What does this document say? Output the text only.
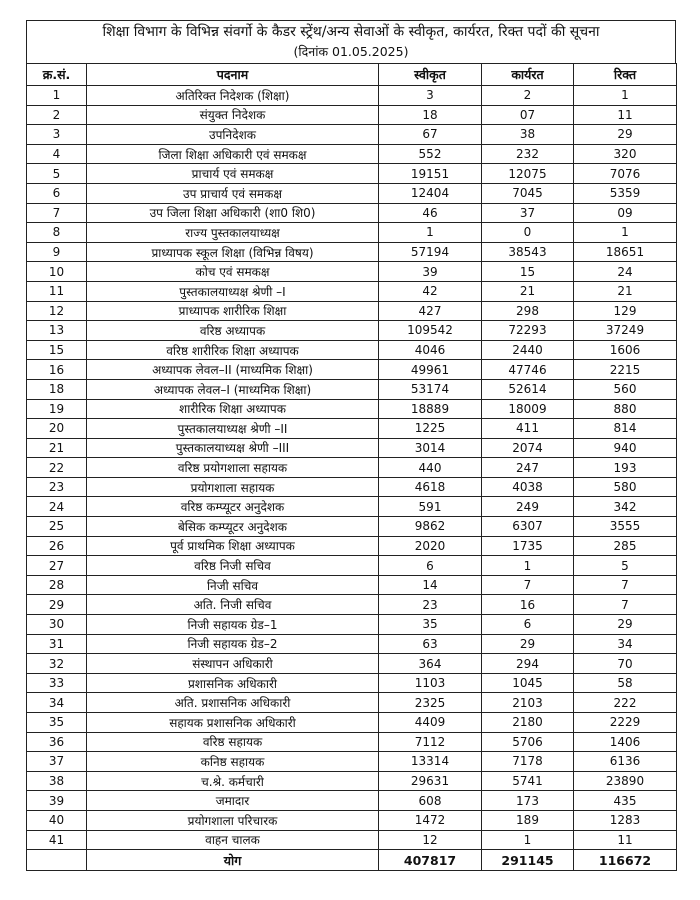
शिक्षा विभाग के विभिन्न संवर्गो के कैडर स्ट्रेंथ/अन्य सेवाओं के स्वीकृत, कार्यरत, रिक्त पदों की सूचना
(दिनांक 01.05.2025)
क्र.सं.	पदनाम	स्वीकृत	कार्यरत	रिक्त
1	अतिरिक्त निदेशक (शिक्षा)	3	2	1
2	संयुक्त निदेशक	18	07	11
3	उपनिदेशक	67	38	29
4	जिला शिक्षा अधिकारी एवं समकक्ष	552	232	320
5	प्राचार्य एवं समकक्ष	19151	12075	7076
6	उप प्राचार्य एवं समकक्ष	12404	7045	5359
7	उप जिला शिक्षा अधिकारी (शा0 शि0)	46	37	09
8	राज्य पुस्तकालयाध्यक्ष	1	0	1
9	प्राध्यापक स्कूल शिक्षा (विभिन्न विषय)	57194	38543	18651
10	कोच एवं समकक्ष	39	15	24
11	पुस्तकालयाध्यक्ष श्रेणी –I	42	21	21
12	प्राध्यापक शारीरिक शिक्षा	427	298	129
13	वरिष्ठ अध्यापक	109542	72293	37249
15	वरिष्ठ शारीरिक शिक्षा अध्यापक	4046	2440	1606
16	अध्यापक लेवल–II (माध्यमिक शिक्षा)	49961	47746	2215
18	अध्यापक लेवल–I (माध्यमिक शिक्षा)	53174	52614	560
19	शारीरिक शिक्षा अध्यापक	18889	18009	880
20	पुस्तकालयाध्यक्ष श्रेणी –II	1225	411	814
21	पुस्तकालयाध्यक्ष श्रेणी –III	3014	2074	940
22	वरिष्ठ प्रयोगशाला सहायक	440	247	193
23	प्रयोगशाला सहायक	4618	4038	580
24	वरिष्ठ कम्प्यूटर अनुदेशक	591	249	342
25	बेसिक कम्प्यूटर अनुदेशक	9862	6307	3555
26	पूर्व प्राथमिक शिक्षा अध्यापक	2020	1735	285
27	वरिष्ठ निजी सचिव	6	1	5
28	निजी सचिव	14	7	7
29	अति. निजी सचिव	23	16	7
30	निजी सहायक ग्रेड–1	35	6	29
31	निजी सहायक ग्रेड–2	63	29	34
32	संस्थापन अधिकारी	364	294	70
33	प्रशासनिक अधिकारी	1103	1045	58
34	अति. प्रशासनिक अधिकारी	2325	2103	222
35	सहायक प्रशासनिक अधिकारी	4409	2180	2229
36	वरिष्ठ सहायक	7112	5706	1406
37	कनिष्ठ सहायक	13314	7178	6136
38	च.श्रे. कर्मचारी	29631	5741	23890
39	जमादार	608	173	435
40	प्रयोगशाला परिचारक	1472	189	1283
41	वाहन चालक	12	1	11
	योग	407817	291145	116672
